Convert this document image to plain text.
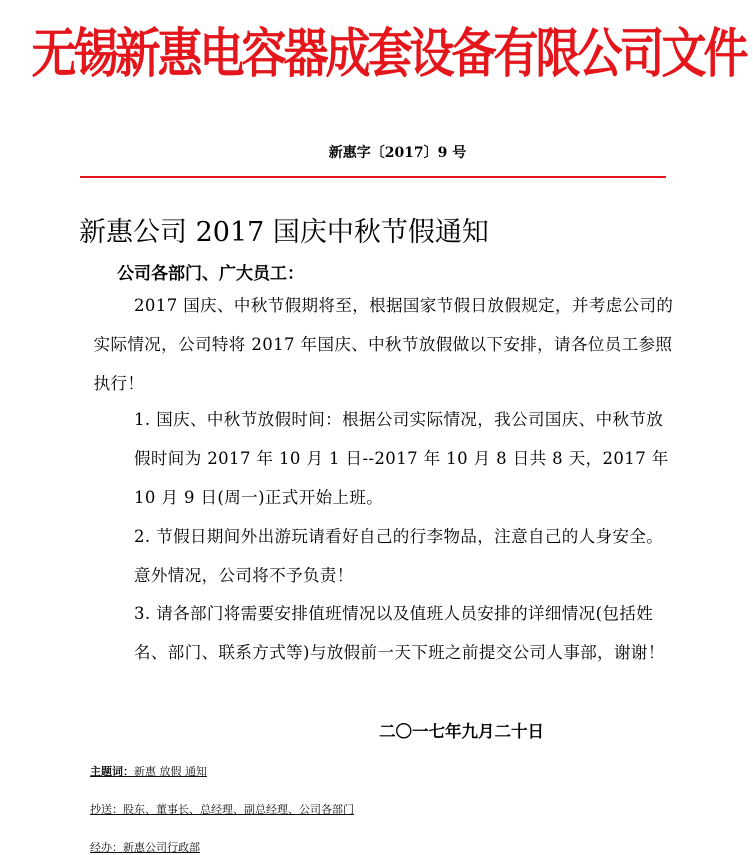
无锡新惠电容器成套设备有限公司文件
新惠字〔2017〕9 号
新惠公司 2017 国庆中秋节假通知
公司各部门、广大员工：

2017 国庆、中秋节假期将至，根据国家节假日放假规定，并考虑公司的实际情况，公司特将 2017 年国庆、中秋节放假做以下安排，请各位员工参照执行！

1. 国庆、中秋节放假时间：根据公司实际情况，我公司国庆、中秋节放假时间为 2017 年 10 月 1 日--2017 年 10 月 8 日共 8 天，2017 年 10 月 9 日(周一)正式开始上班。

2. 节假日期间外出游玩请看好自己的行李物品，注意自己的人身安全。意外情况，公司将不予负责！

3. 请各部门将需要安排值班情况以及值班人员安排的详细情况(包括姓名、部门、联系方式等)与放假前一天下班之前提交公司人事部，谢谢！

二〇一七年九月二十日
主题词：新惠 放假 通知
抄送：股东、董事长、总经理、副总经理、公司各部门
经办：新惠公司行政部
